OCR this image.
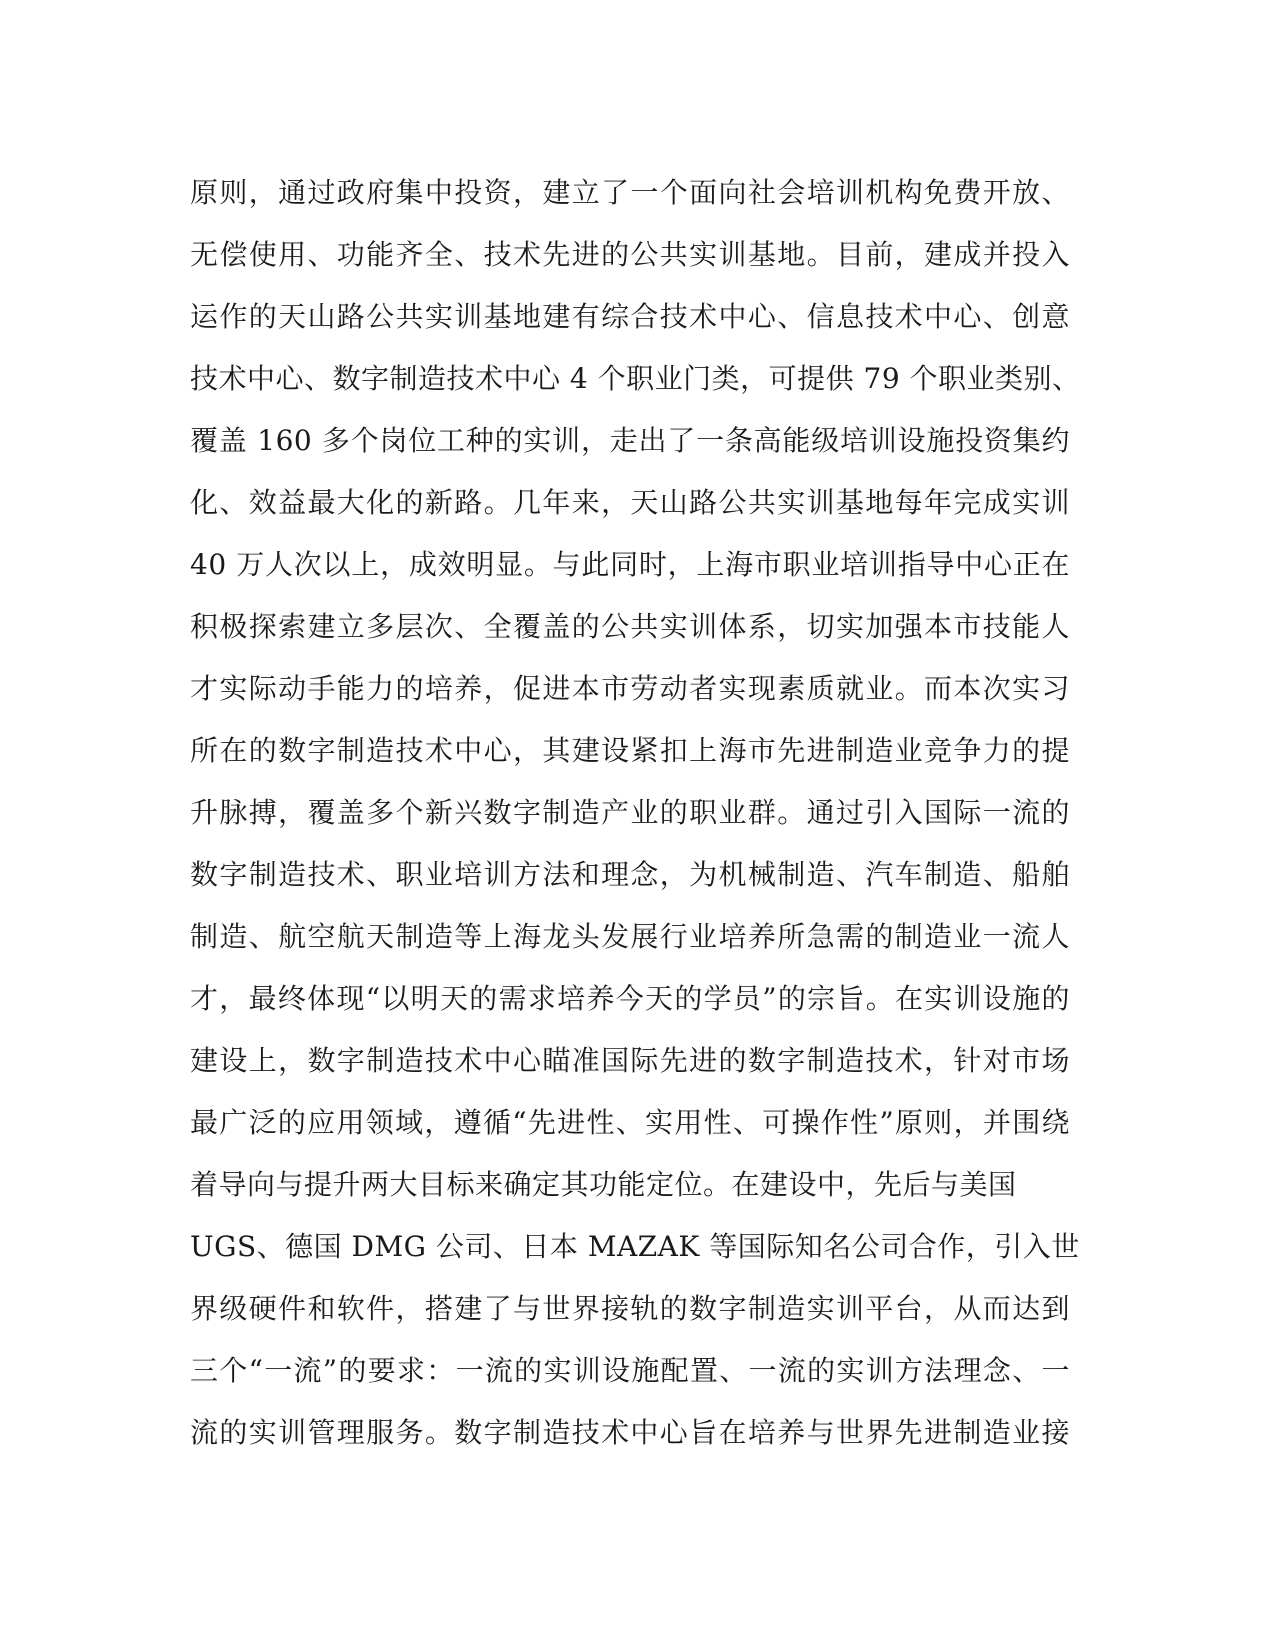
原则，通过政府集中投资，建立了一个面向社会培训机构免费开放、
无偿使用、功能齐全、技术先进的公共实训基地。目前，建成并投入
运作的天山路公共实训基地建有综合技术中心、信息技术中心、创意
技术中心、数字制造技术中心 4 个职业门类，可提供 79 个职业类别、
覆盖 160 多个岗位工种的实训，走出了一条高能级培训设施投资集约
化、效益最大化的新路。几年来，天山路公共实训基地每年完成实训
40 万人次以上，成效明显。与此同时，上海市职业培训指导中心正在
积极探索建立多层次、全覆盖的公共实训体系，切实加强本市技能人
才实际动手能力的培养，促进本市劳动者实现素质就业。而本次实习
所在的数字制造技术中心，其建设紧扣上海市先进制造业竞争力的提
升脉搏，覆盖多个新兴数字制造产业的职业群。通过引入国际一流的
数字制造技术、职业培训方法和理念，为机械制造、汽车制造、船舶
制造、航空航天制造等上海龙头发展行业培养所急需的制造业一流人
才，最终体现“以明天的需求培养今天的学员”的宗旨。在实训设施的
建设上，数字制造技术中心瞄准国际先进的数字制造技术，针对市场
最广泛的应用领域，遵循“先进性、实用性、可操作性”原则，并围绕
着导向与提升两大目标来确定其功能定位。在建设中，先后与美国
UGS、德国 DMG 公司、日本 MAZAK 等国际知名公司合作，引入世
界级硬件和软件，搭建了与世界接轨的数字制造实训平台，从而达到
三个“一流”的要求：一流的实训设施配置、一流的实训方法理念、一
流的实训管理服务。数字制造技术中心旨在培养与世界先进制造业接
